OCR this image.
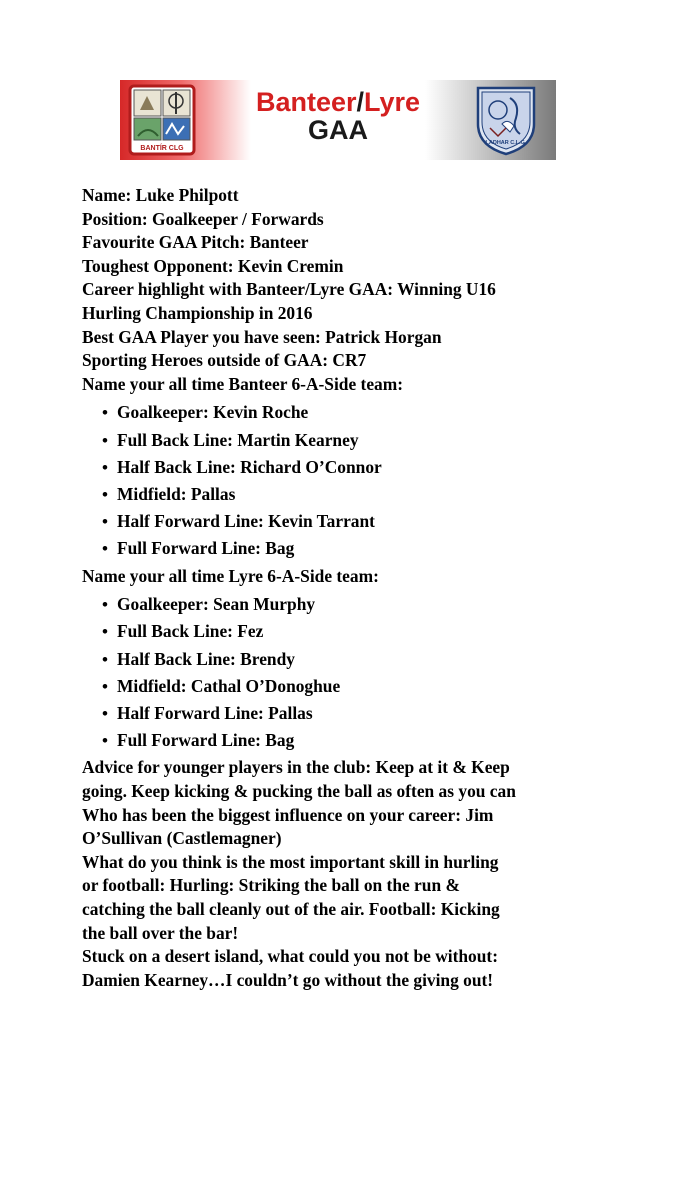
BANTÍR CLG
Banteer/Lyre
GAA	LADHAR C.L.G.
Name: Luke Philpott
Position: Goalkeeper / Forwards
Favourite GAA Pitch: Banteer
Toughest Opponent: Kevin Cremin
Career highlight with Banteer/Lyre GAA: Winning U16
Hurling Championship in 2016
Best GAA Player you have seen: Patrick Horgan
Sporting Heroes outside of GAA: CR7
Name your all time Banteer 6-A-Side team:
• Goalkeeper: Kevin Roche
• Full Back Line: Martin Kearney
• Half Back Line: Richard O’Connor
• Midfield: Pallas
• Half Forward Line: Kevin Tarrant
• Full Forward Line: Bag
Name your all time Lyre 6-A-Side team:
• Goalkeeper: Sean Murphy
• Full Back Line: Fez
• Half Back Line: Brendy
• Midfield: Cathal O’Donoghue
• Half Forward Line: Pallas
• Full Forward Line: Bag
Advice for younger players in the club: Keep at it & Keep
going. Keep kicking & pucking the ball as often as you can
Who has been the biggest influence on your career: Jim
O’Sullivan (Castlemagner)
What do you think is the most important skill in hurling
or football: Hurling: Striking the ball on the run &
catching the ball cleanly out of the air. Football: Kicking
the ball over the bar!
Stuck on a desert island, what could you not be without:
Damien Kearney…I couldn’t go without the giving out!
